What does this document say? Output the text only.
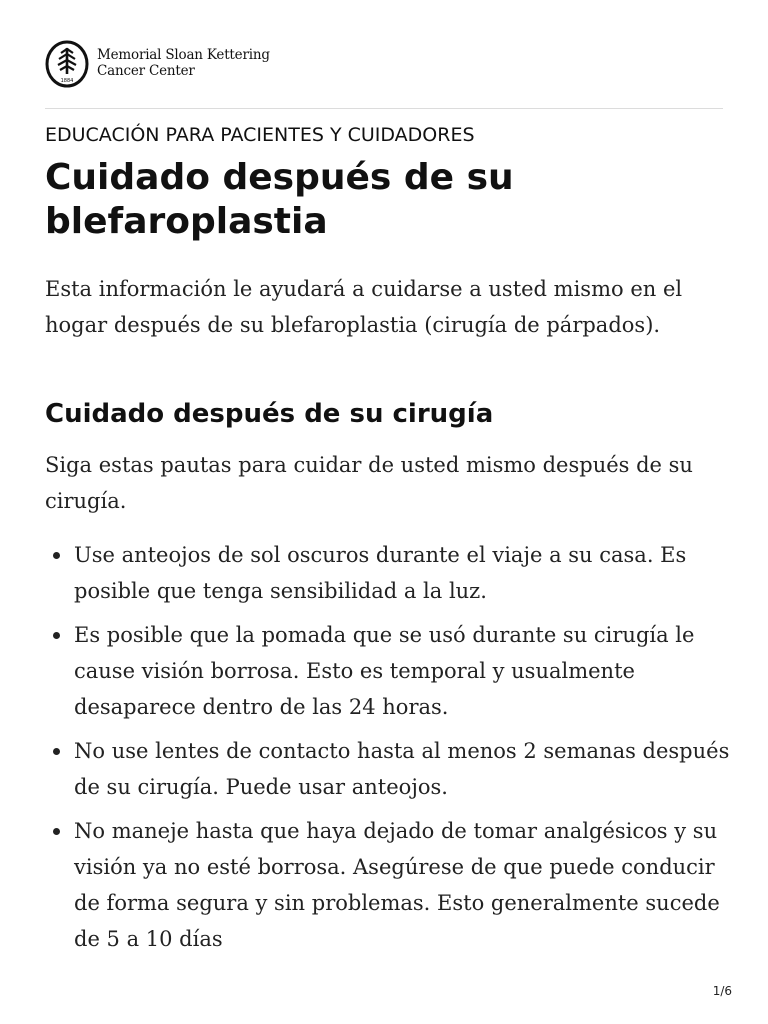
1884
Memorial Sloan Kettering
Cancer Center
EDUCACIÓN PARA PACIENTES Y CUIDADORES
Cuidado después de su blefaroplastia

Esta información le ayudará a cuidarse a usted mismo en el hogar después de su blefaroplastia (cirugía de párpados).

Cuidado después de su cirugía

Siga estas pautas para cuidar de usted mismo después de su cirugía.

Use anteojos de sol oscuros durante el viaje a su casa. Es posible que tenga sensibilidad a la luz.
Es posible que la pomada que se usó durante su cirugía le cause visión borrosa. Esto es temporal y usualmente desaparece dentro de las 24 horas.
No use lentes de contacto hasta al menos 2 semanas después de su cirugía. Puede usar anteojos.
No maneje hasta que haya dejado de tomar analgésicos y su visión ya no esté borrosa. Asegúrese de que puede conducir de forma segura y sin problemas. Esto generalmente sucede de 5 a 10 días
1/6
